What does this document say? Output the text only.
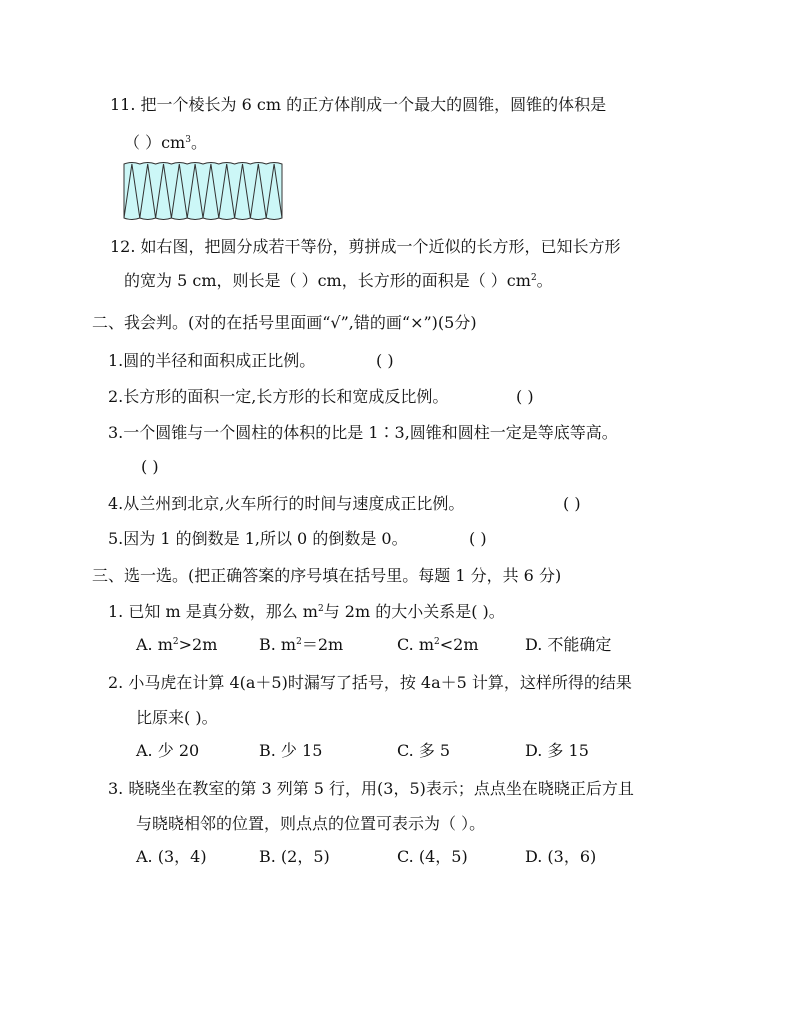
11. 把一个棱长为 6 cm 的正方体削成一个最大的圆锥，圆锥的体积是
（ ）$cm^3$。
12. 如右图，把圆分成若干等份，剪拼成一个近似的长方形，已知长方形
的宽为 5 cm，则长是（ ）cm，长方形的面积是（ ）$cm^2$。
二、我会判。(对的在括号里面画“√”,错的画“×”)(5分)
1.圆的半径和面积成正比例。	( )
2.长方形的面积一定,长方形的长和宽成反比例。	( )
3.一个圆锥与一个圆柱的体积的比是 1∶3,圆锥和圆柱一定是等底等高。
( )
4.从兰州到北京,火车所行的时间与速度成正比例。	( )
5.因为 1 的倒数是 1,所以 0 的倒数是 0。	( )
三、选一选。(把正确答案的序号填在括号里。每题 1 分，共 6 分)
1. 已知 m 是真分数，那么 $m^2$与 2m 的大小关系是( )。
A. $m^2>2m$	B. $m^2=2m$	C. $m^2<2m$	D. 不能确定
2. 小马虎在计算 4(a＋5)时漏写了括号，按 4a＋5 计算，这样所得的结果
比原来( )。
A. 少 20	B. 少 15	C. 多 5	D. 多 15
3. 晓晓坐在教室的第 3 列第 5 行，用(3，5)表示；点点坐在晓晓正后方且
与晓晓相邻的位置，则点点的位置可表示为（ ）。
A. (3，4)	B. (2，5)	C. (4，5)	D. (3，6)
